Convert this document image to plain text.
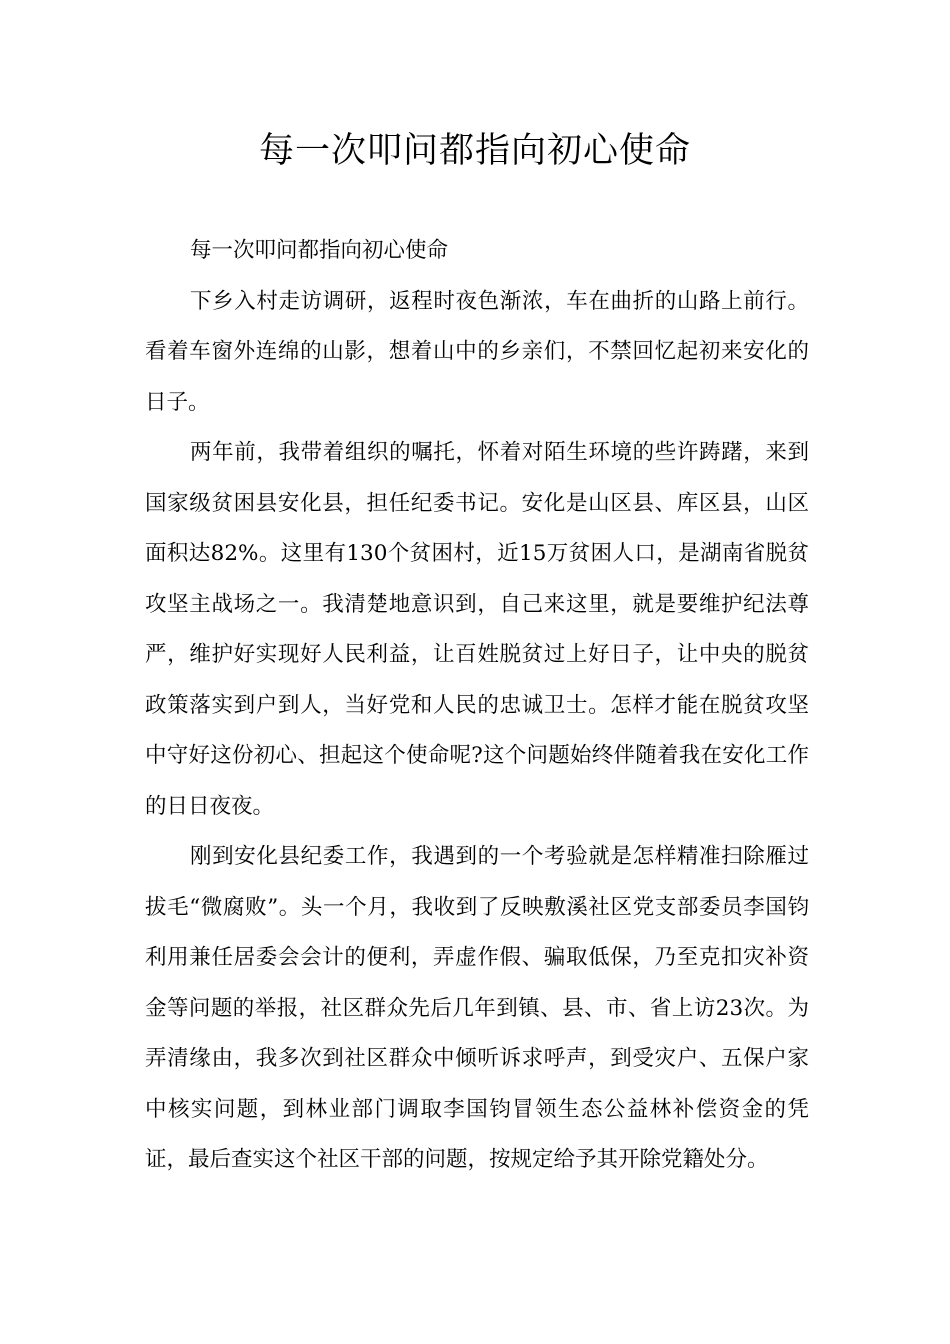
每一次叩问都指向初心使命

每一次叩问都指向初心使命

下乡入村走访调研，返程时夜色渐浓，车在曲折的山路上前行。看着车窗外连绵的山影，想着山中的乡亲们，不禁回忆起初来安化的日子。

两年前，我带着组织的嘱托，怀着对陌生环境的些许踌躇，来到国家级贫困县安化县，担任纪委书记。安化是山区县、库区县，山区面积达82%。这里有130个贫困村，近15万贫困人口，是湖南省脱贫攻坚主战场之一。我清楚地意识到，自己来这里，就是要维护纪法尊严，维护好实现好人民利益，让百姓脱贫过上好日子，让中央的脱贫政策落实到户到人，当好党和人民的忠诚卫士。怎样才能在脱贫攻坚中守好这份初心、担起这个使命呢?这个问题始终伴随着我在安化工作的日日夜夜。

刚到安化县纪委工作，我遇到的一个考验就是怎样精准扫除雁过拔毛“微腐败”。头一个月，我收到了反映敷溪社区党支部委员李国钧利用兼任居委会会计的便利，弄虚作假、骗取低保，乃至克扣灾补资金等问题的举报，社区群众先后几年到镇、县、市、省上访23次。为弄清缘由，我多次到社区群众中倾听诉求呼声，到受灾户、五保户家中核实问题，到林业部门调取李国钧冒领生态公益林补偿资金的凭证，最后查实这个社区干部的问题，按规定给予其开除党籍处分。
